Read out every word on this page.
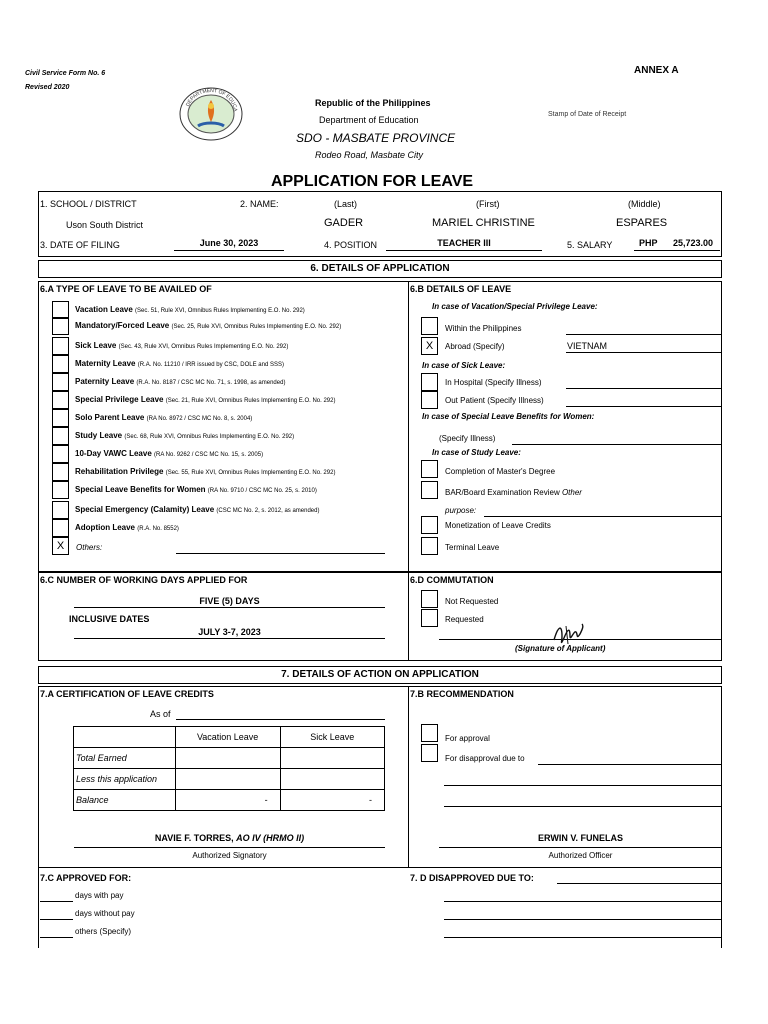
Civil Service Form No. 6
Revised 2020
ANNEX A
DEPARTMENT OF EDUCA
Republic of the Philippines
Department of Education
SDO - MASBATE PROVINCE
Rodeo Road, Masbate City
Stamp of Date of Receipt
APPLICATION FOR LEAVE
1. SCHOOL / DISTRICT
Uson South District
2. NAME:	(Last)	(First)	(Middle)
GADER	MARIEL CHRISTINE	ESPARES
3. DATE OF FILING	June 30, 2023	4. POSITION	TEACHER III	5. SALARY	PHP 25,723.00
6. DETAILS OF APPLICATION
6.A TYPE OF LEAVE TO BE AVAILED OF
Vacation Leave (Sec. 51, Rule XVI, Omnibus Rules Implementing E.O. No. 292)
Mandatory/Forced Leave (Sec. 25, Rule XVI, Omnibus Rules Implementing E.O. No. 292)
Sick Leave (Sec. 43, Rule XVI, Omnibus Rules Implementing E.O. No. 292)
Maternity Leave (R.A. No. 11210 / IRR issued by CSC, DOLE and SSS)
Paternity Leave (R.A. No. 8187 / CSC MC No. 71, s. 1998, as amended)
Special Privilege Leave (Sec. 21, Rule XVI, Omnibus Rules Implementing E.O. No. 292)
Solo Parent Leave (RA No. 8972 / CSC MC No. 8, s. 2004)
Study Leave (Sec. 68, Rule XVI, Omnibus Rules Implementing E.O. No. 292)
10-Day VAWC Leave (RA No. 9262 / CSC MC No. 15, s. 2005)
Rehabilitation Privilege (Sec. 55, Rule XVI, Omnibus Rules Implementing E.O. No. 292)
Special Leave Benefits for Women (RA No. 9710 / CSC MC No. 25, s. 2010)
Special Emergency (Calamity) Leave (CSC MC No. 2, s. 2012, as amended)
Adoption Leave (R.A. No. 8552)
X	Others:
6.B DETAILS OF LEAVE
In case of Vacation/Special Privilege Leave:
Within the Philippines
X	Abroad (Specify)	VIETNAM
In case of Sick Leave:
In Hospital (Specify Illness)
Out Patient (Specify Illness)
In case of Special Leave Benefits for Women:
(Specify Illness)
In case of Study Leave:
Completion of Master's Degree
BAR/Board Examination Review Other
purpose:
Monetization of Leave Credits
Terminal Leave
6.C NUMBER OF WORKING DAYS APPLIED FOR
FIVE (5) DAYS
INCLUSIVE DATES
JULY 3-7, 2023
6.D COMMUTATION
Not Requested
Requested
(Signature of Applicant)
7. DETAILS OF ACTION ON APPLICATION
7.A CERTIFICATION OF LEAVE CREDITS
As of
	Vacation Leave	Sick Leave
Total Earned		
Less this application		
Balance	-	-
NAVIE F. TORRES, AO IV (HRMO II)
Authorized Signatory
7.B RECOMMENDATION
For approval
For disapproval due to
ERWIN V. FUNELAS
Authorized Officer
7.C APPROVED FOR:
days with pay
days without pay
others (Specify)
7. D DISAPPROVED DUE TO:
